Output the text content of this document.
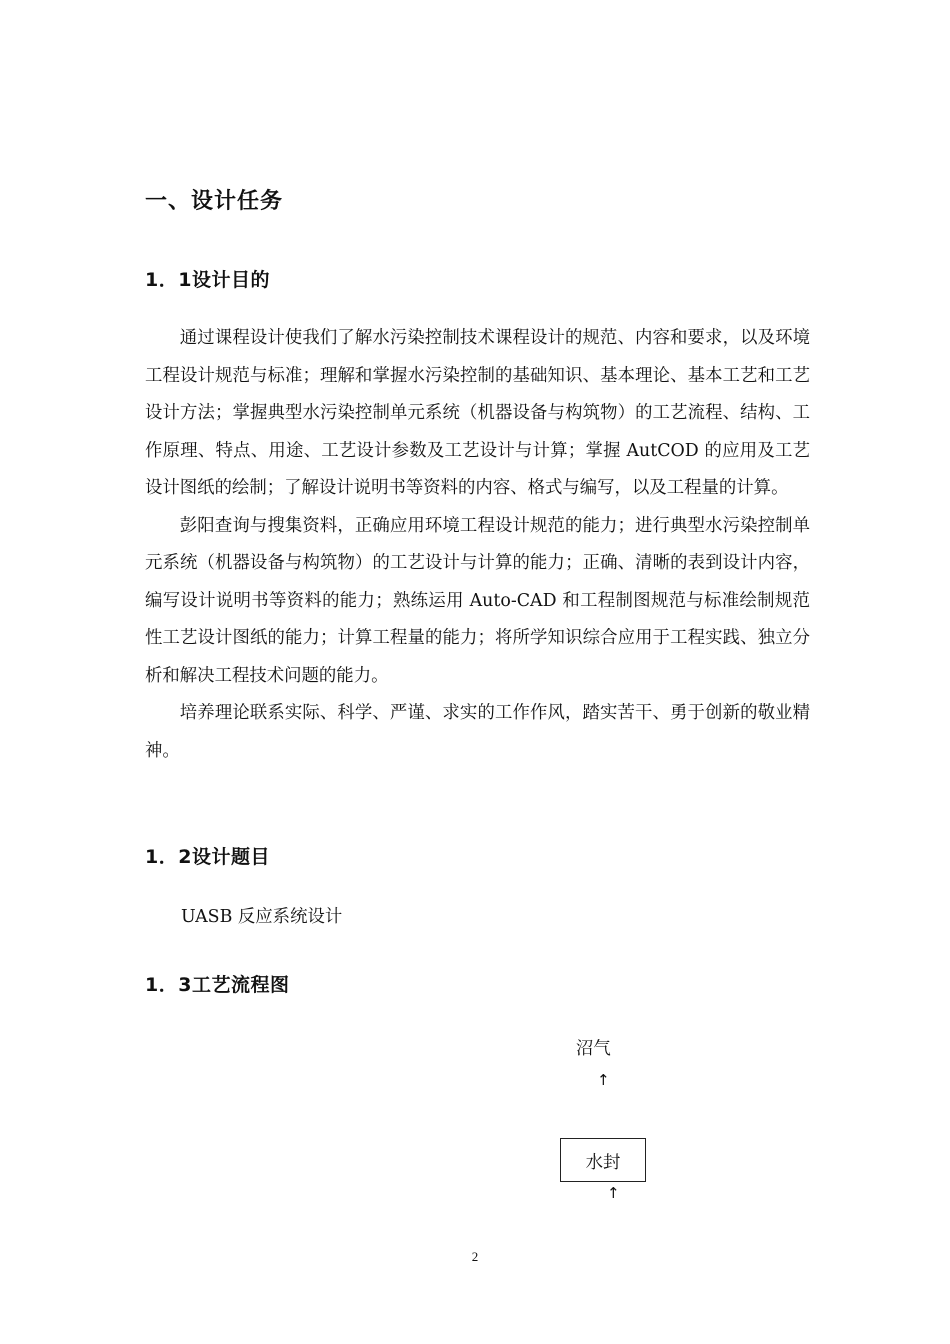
一、设计任务
1．1设计目的

通过课程设计使我们了解水污染控制技术课程设计的规范、内容和要求，以及环境工程设计规范与标准；理解和掌握水污染控制的基础知识、基本理论、基本工艺和工艺设计方法；掌握典型水污染控制单元系统（机器设备与构筑物）的工艺流程、结构、工作原理、特点、用途、工艺设计参数及工艺设计与计算；掌握 AutCOD 的应用及工艺设计图纸的绘制；了解设计说明书等资料的内容、格式与编写，以及工程量的计算。

彭阳查询与搜集资料，正确应用环境工程设计规范的能力；进行典型水污染控制单元系统（机器设备与构筑物）的工艺设计与计算的能力；正确、清晰的表到设计内容，编写设计说明书等资料的能力；熟练运用 Auto-CAD 和工程制图规范与标准绘制规范性工艺设计图纸的能力；计算工程量的能力；将所学知识综合应用于工程实践、独立分析和解决工程技术问题的能力。

培养理论联系实际、科学、严谨、求实的工作作风，踏实苦干、勇于创新的敬业精神。

1．2设计题目
UASB 反应系统设计
1．3工艺流程图
沼气
↑
水封
↑
2
